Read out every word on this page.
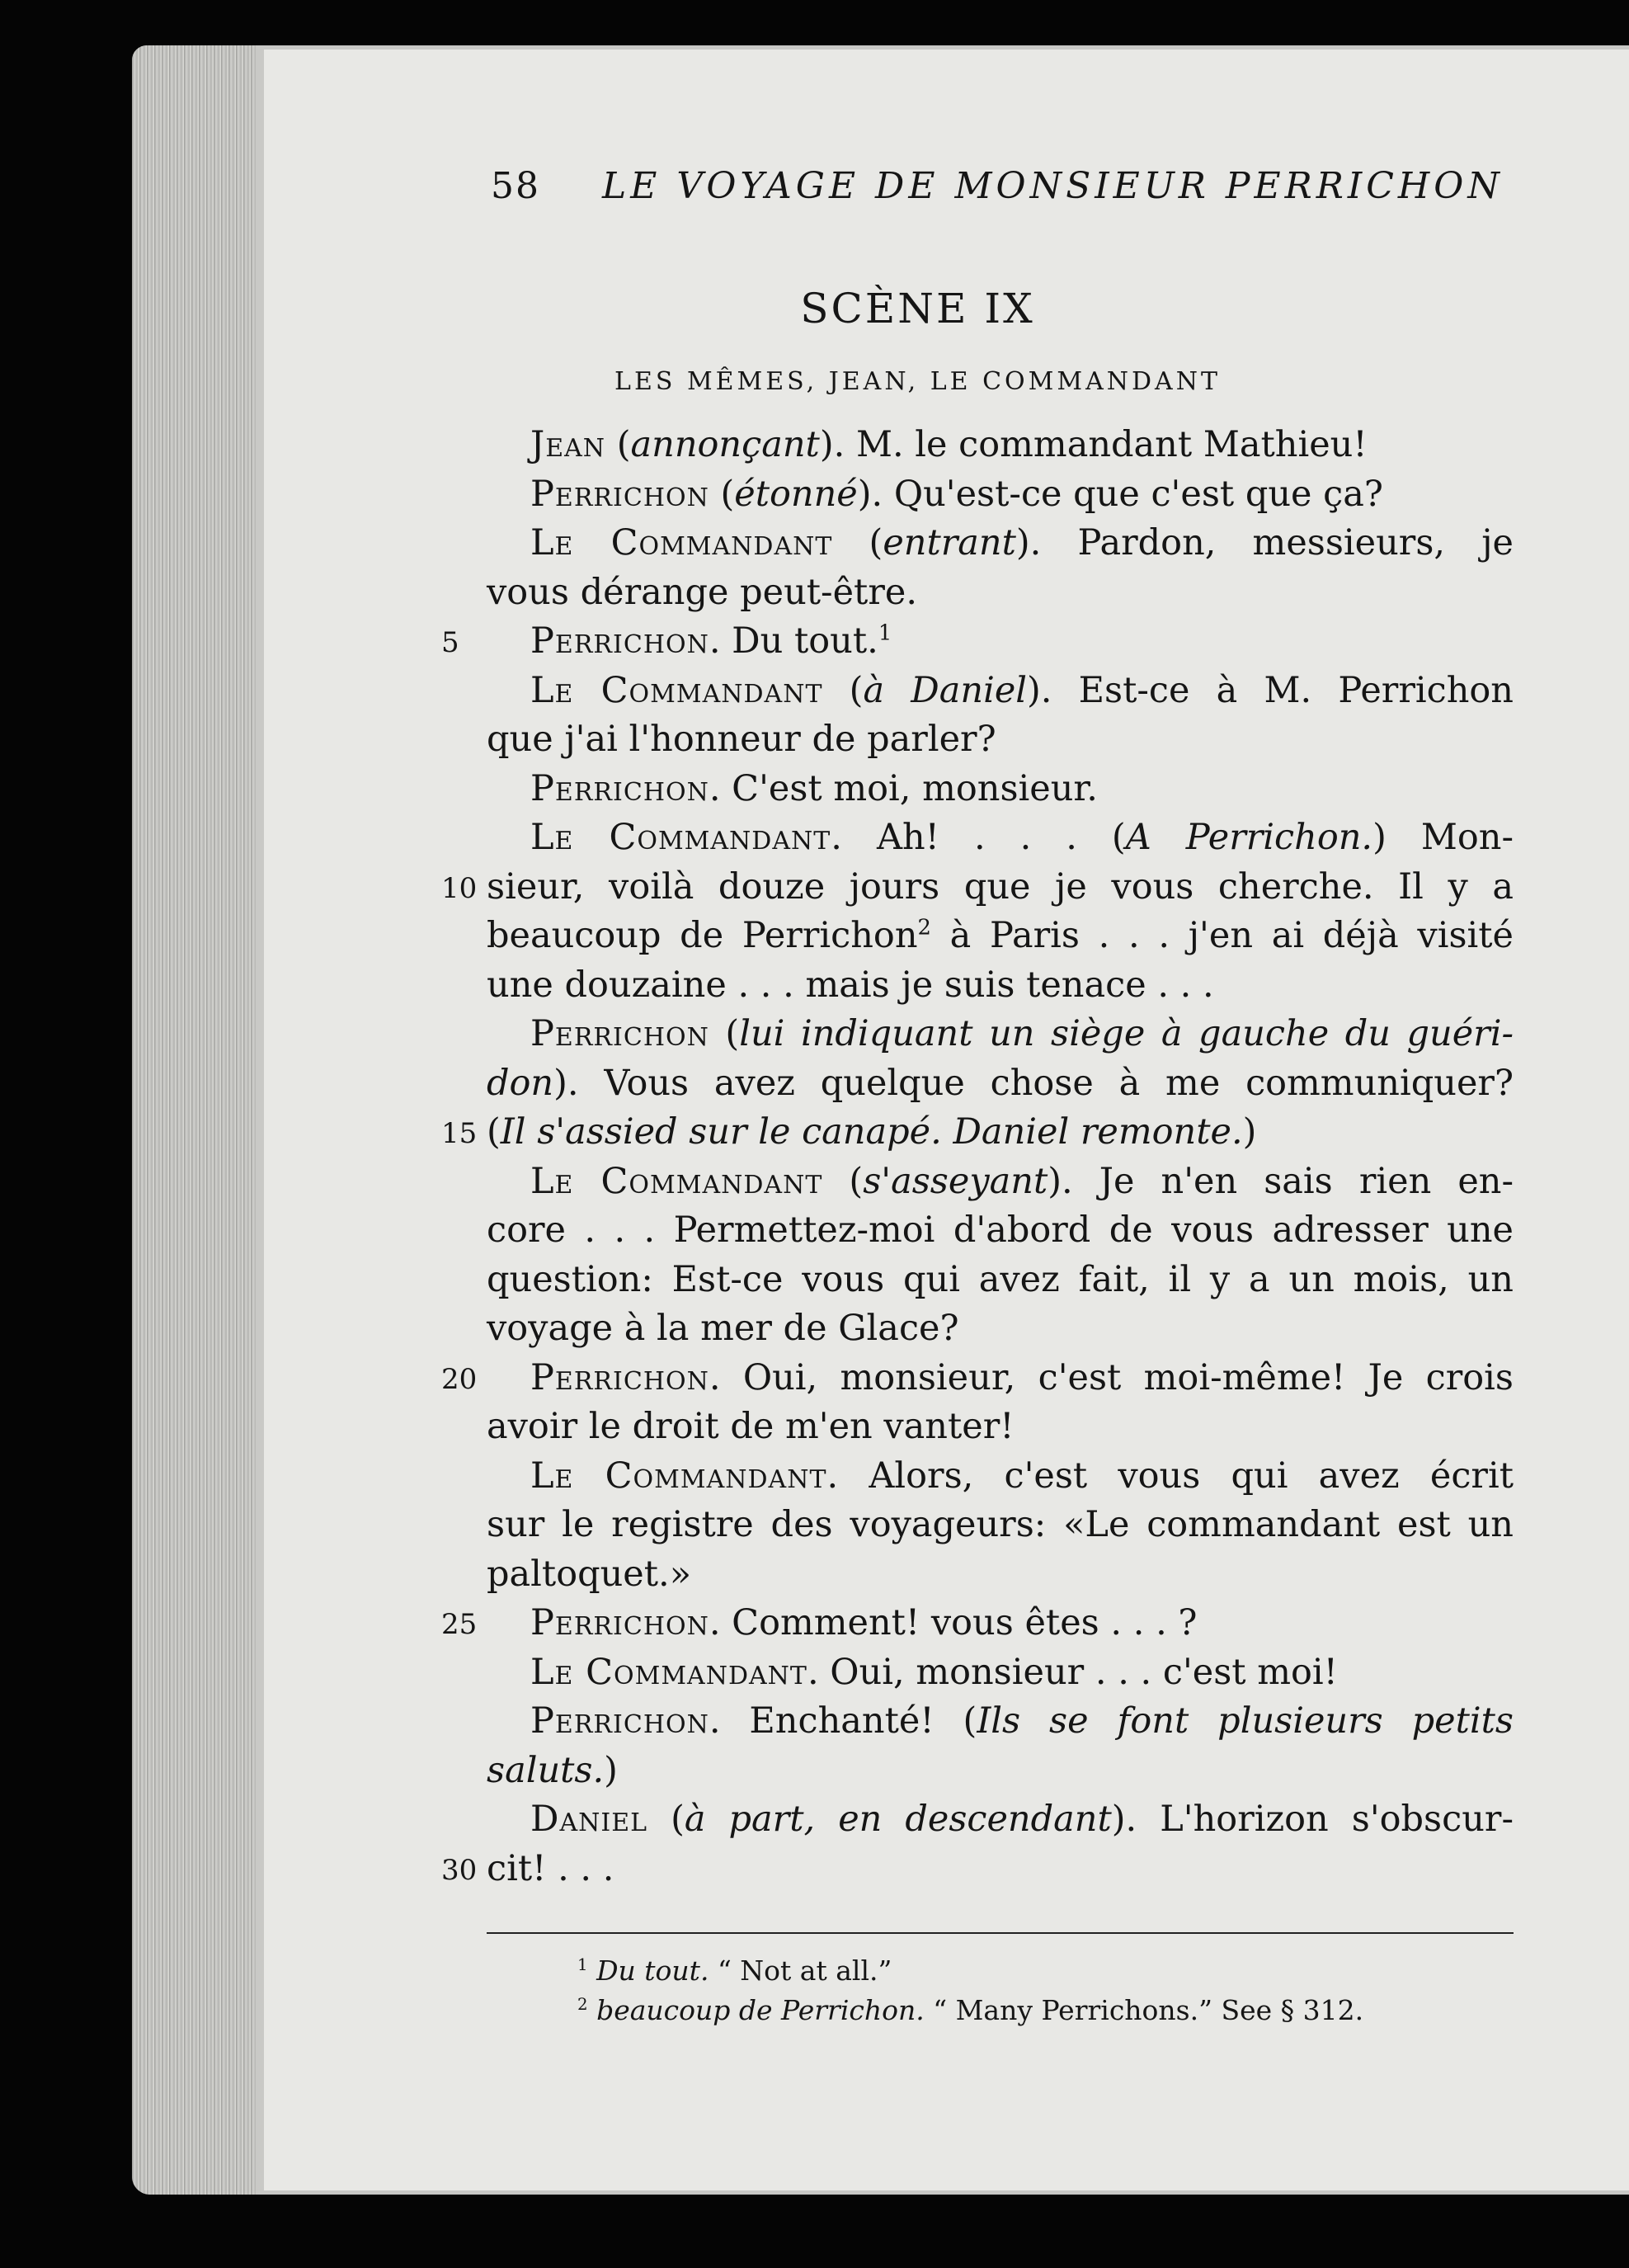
58 LE VOYAGE DE MONSIEUR PERRICHON
SCÈNE IX
LES MÊMES, JEAN, LE COMMANDANT
Jean (annonçant). M. le commandant Mathieu!
Perrichon (étonné). Qu'est-ce que c'est que ça?
Le Commandant (entrant). Pardon, messieurs, je
vous dérange peut-être.
5	Perrichon. Du tout.$^1$
Le Commandant (à Daniel). Est-ce à M. Perrichon
que j'ai l'honneur de parler?
Perrichon. C'est moi, monsieur.
Le Commandant. Ah! . . . (A Perrichon.) Mon-
10 sieur, voilà douze jours que je vous cherche. Il y a
beaucoup de Perrichon$^2$ à Paris . . . j'en ai déjà visité
une douzaine . . . mais je suis tenace . . .
Perrichon (lui indiquant un siège à gauche du guéri-
don). Vous avez quelque chose à me communiquer?
15 (Il s'assied sur le canapé. Daniel remonte.)
Le Commandant (s'asseyant). Je n'en sais rien en-
core . . . Permettez-moi d'abord de vous adresser une
question: Est-ce vous qui avez fait, il y a un mois, un
voyage à la mer de Glace?
20 Perrichon. Oui, monsieur, c'est moi-même! Je crois
avoir le droit de m'en vanter!
Le Commandant. Alors, c'est vous qui avez écrit
sur le registre des voyageurs: «Le commandant est un
paltoquet.»
25 Perrichon. Comment! vous êtes . . . ?
Le Commandant. Oui, monsieur . . . c'est moi!
Perrichon. Enchanté! (Ils se font plusieurs petits
saluts.)
Daniel (à part, en descendant). L'horizon s'obscur-
30 cit! . . .
$^1$ Du tout. “ Not at all.”
$^2$ beaucoup de Perrichon. “ Many Perrichons.” See § 312.
